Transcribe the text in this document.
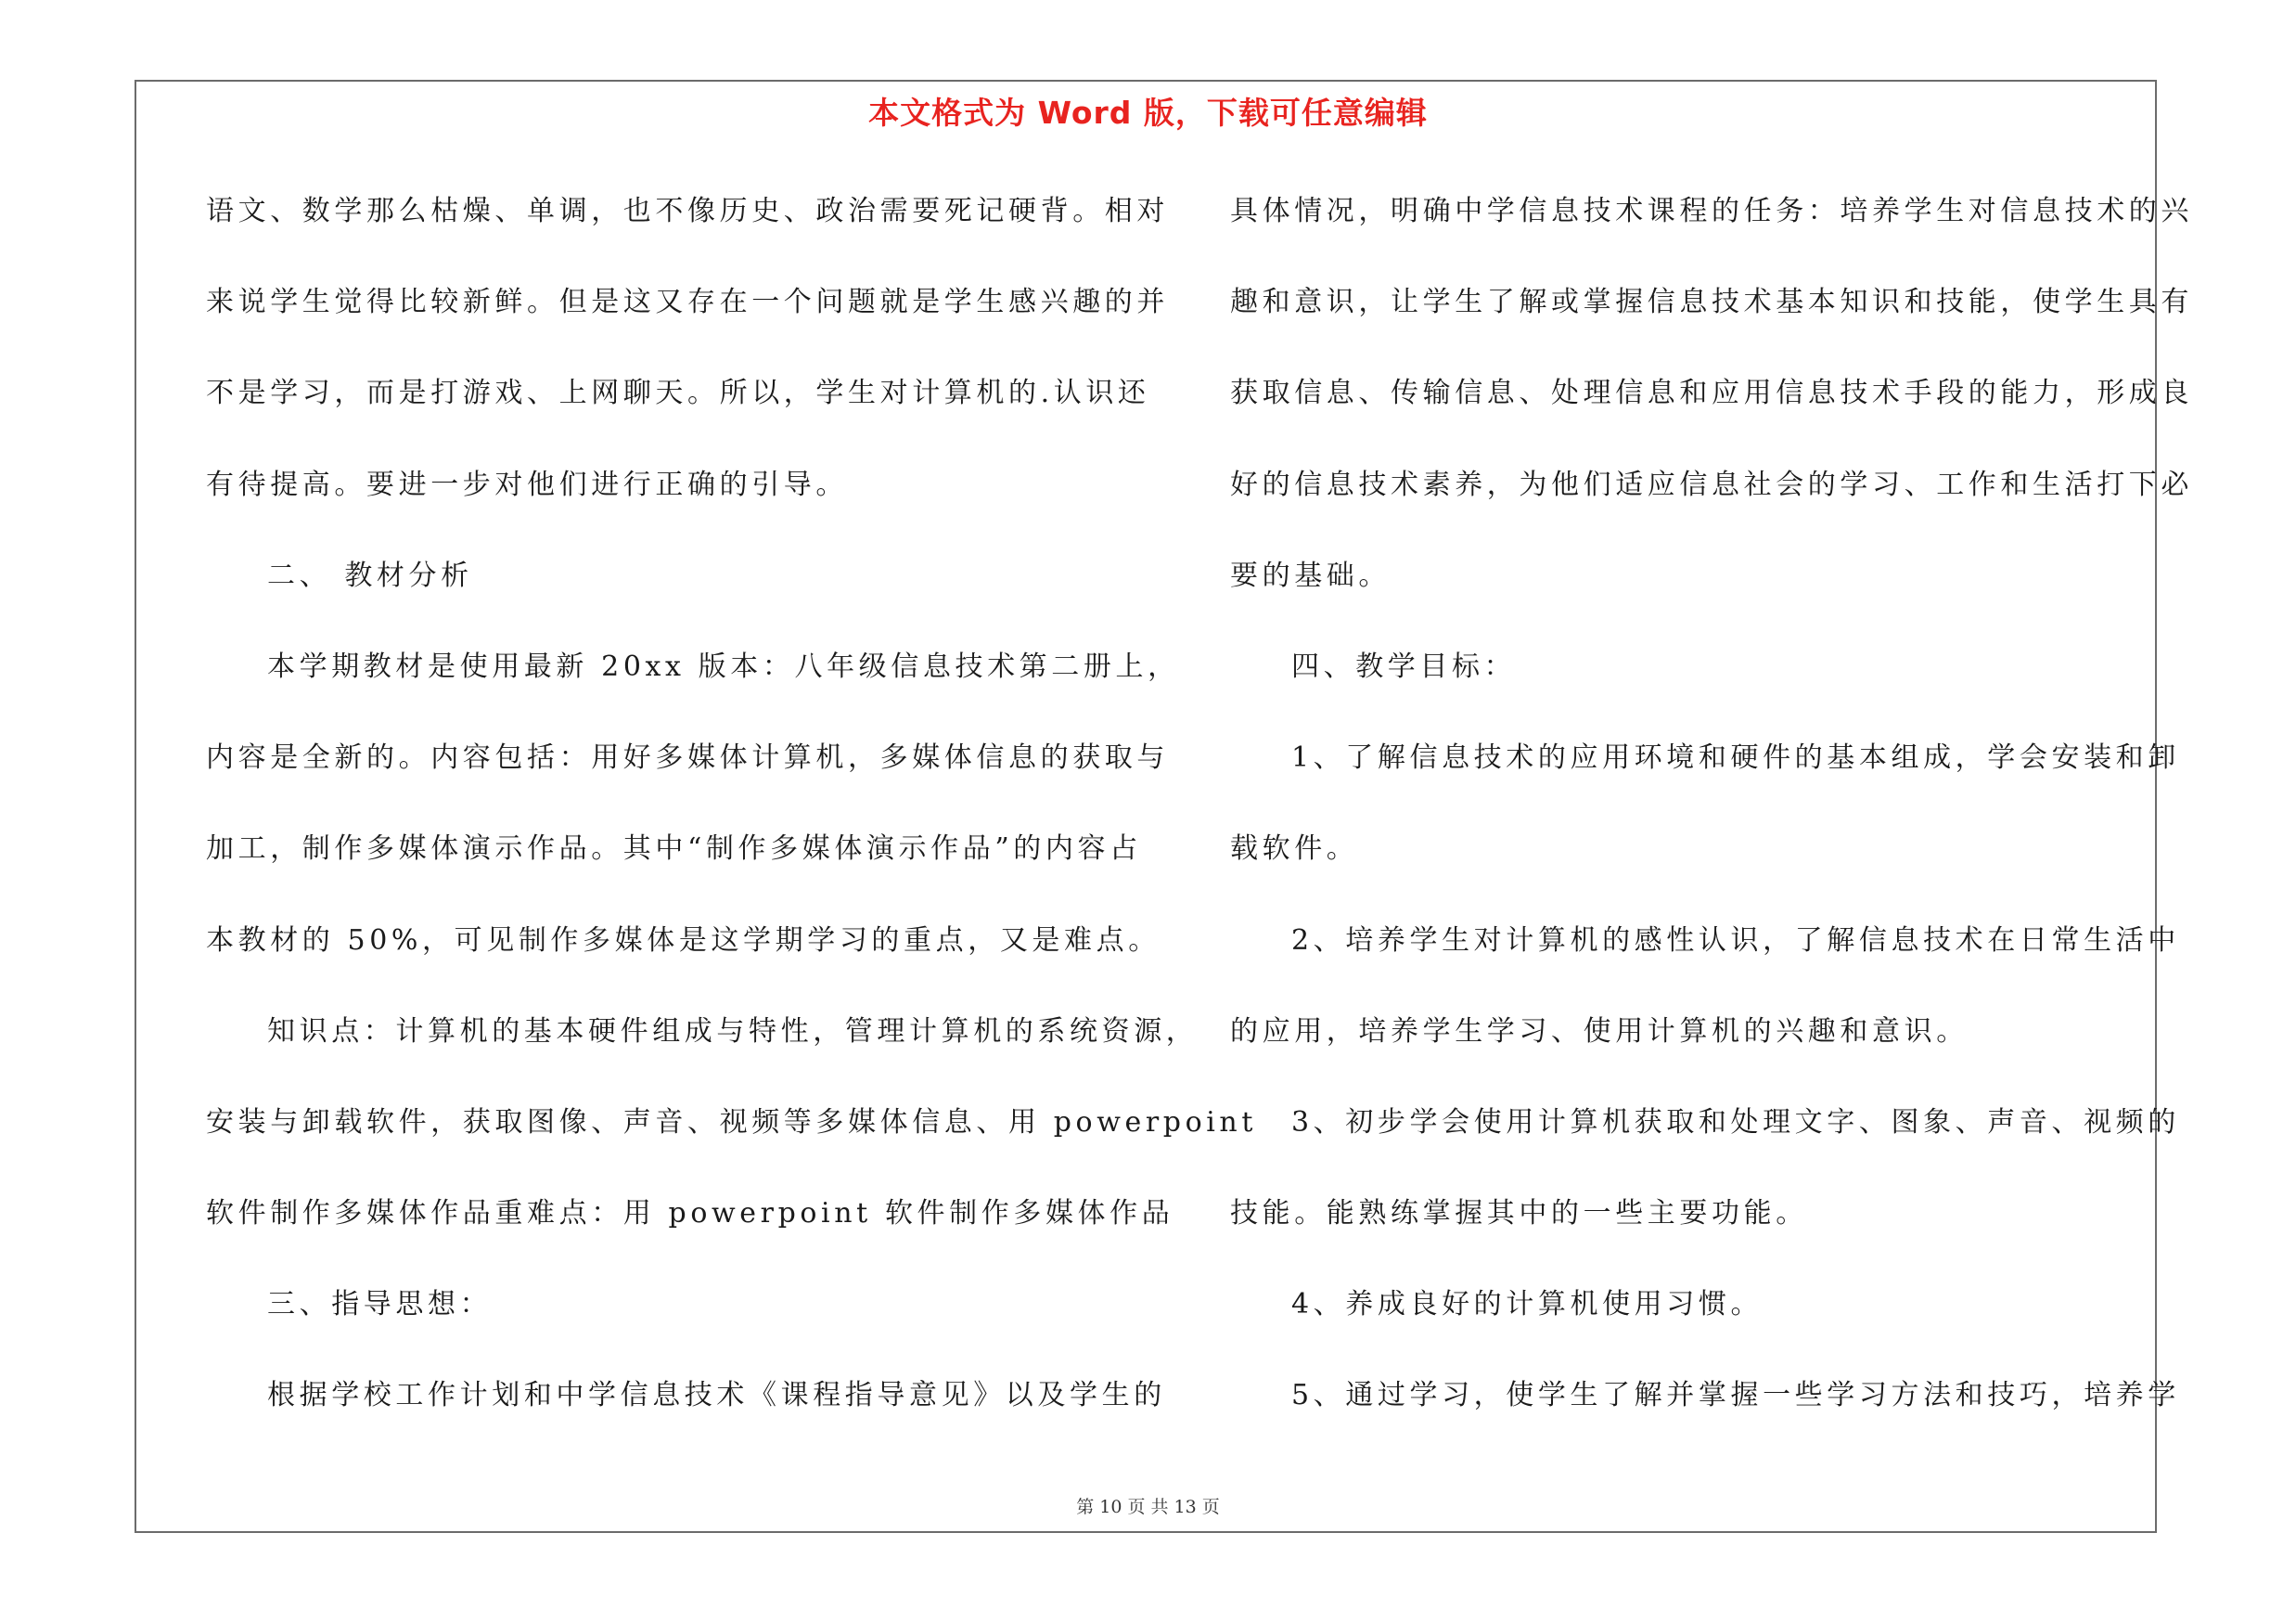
本文格式为 Word 版，下载可任意编辑
语文、数学那么枯燥、单调，也不像历史、政治需要死记硬背。相对
来说学生觉得比较新鲜。但是这又存在一个问题就是学生感兴趣的并
不是学习，而是打游戏、上网聊天。所以，学生对计算机的.认识还
有待提高。要进一步对他们进行正确的引导。
二、 教材分析
本学期教材是使用最新 20xx 版本：八年级信息技术第二册上，
内容是全新的。内容包括：用好多媒体计算机，多媒体信息的获取与
加工，制作多媒体演示作品。其中“制作多媒体演示作品”的内容占
本教材的 50%，可见制作多媒体是这学期学习的重点，又是难点。
知识点：计算机的基本硬件组成与特性，管理计算机的系统资源，
安装与卸载软件，获取图像、声音、视频等多媒体信息、用 powerpoint
软件制作多媒体作品重难点：用 powerpoint 软件制作多媒体作品
三、指导思想：
根据学校工作计划和中学信息技术《课程指导意见》以及学生的
具体情况，明确中学信息技术课程的任务：培养学生对信息技术的兴
趣和意识，让学生了解或掌握信息技术基本知识和技能，使学生具有
获取信息、传输信息、处理信息和应用信息技术手段的能力，形成良
好的信息技术素养，为他们适应信息社会的学习、工作和生活打下必
要的基础。
四、教学目标：
1、了解信息技术的应用环境和硬件的基本组成，学会安装和卸
载软件。
2、培养学生对计算机的感性认识，了解信息技术在日常生活中
的应用，培养学生学习、使用计算机的兴趣和意识。
3、初步学会使用计算机获取和处理文字、图象、声音、视频的
技能。能熟练掌握其中的一些主要功能。
4、养成良好的计算机使用习惯。
5、通过学习，使学生了解并掌握一些学习方法和技巧，培养学
第 10 页 共 13 页
